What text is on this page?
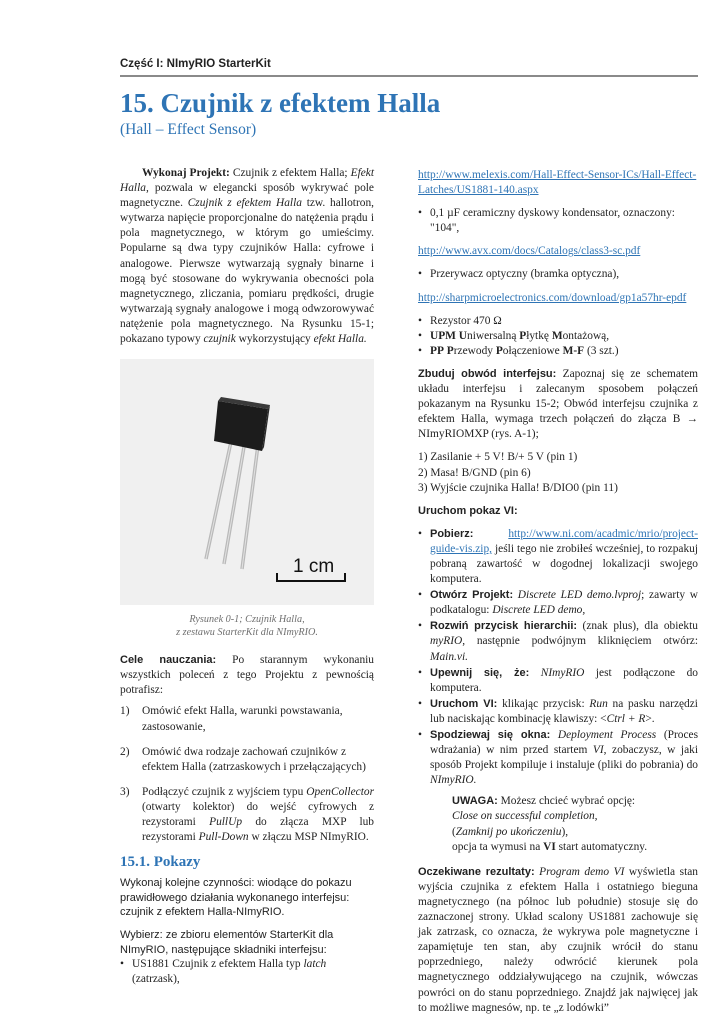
Część I: NImyRIO StarterKit
15. Czujnik z efektem Halla
(Hall – Effect Sensor)

Wykonaj Projekt: Czujnik z efektem Halla; Efekt Halla, pozwala w elegancki sposób wykrywać pole magnetyczne. Czujnik z efektem Halla tzw. hallotron, wytwarza napięcie proporcjonalne do natężenia prądu i pola magnetycznego, w którym go umieścimy. Popularne są dwa typy czujników Halla: cyfrowe i analogowe. Pierwsze wytwarzają sygnały binarne i mogą być stosowane do wykrywania obecności pola magnetycznego, zliczania, pomiaru prędkości, drugie wytwarzają sygnały analogowe i mogą odwzorowywać natężenie pola magnetycznego. Na Rysunku 15-1; pokazano typowy czujnik wykorzystujący efekt Halla.

1 cm
Rysunek 0-1; Czujnik Halla,
z zestawu StarterKit dla NImyRIO.

Cele nauczania: Po starannym wykonaniu wszystkich poleceń z tego Projektu z pewnością potrafisz:

1) Omówić efekt Halla, warunki powstawania, zastosowanie,
2) Omówić dwa rodzaje zachowań czujników z efektem Halla (zatrzaskowych i przełączających)
3) Podłączyć czujnik z wyjściem typu OpenCollector (otwarty kolektor) do wejść cyfrowych z rezystorami PullUp do złącza MXP lub rezystorami Pull-Down w złączu MSP NImyRIO.
15.1. Pokazy

Wykonaj kolejne czynności: wiodące do pokazu prawidłowego działania wykonanego interfejsu: czujnik z efektem Halla-NImyRIO.

Wybierz: ze zbioru elementów StarterKit dla NImyRIO, następujące składniki interfejsu:

• US1881 Czujnik z efektem Halla typ latch (zatrzask),
http://www.melexis.com/Hall-Effect-Sensor-ICs/Hall-Effect-Latches/US1881-140.aspx
• 0,1 µF ceramiczny dyskowy kondensator, oznaczony: "104",
http://www.avx.com/docs/Catalogs/class3-sc.pdf
• Przerywacz optyczny (bramka optyczna),
http://sharpmicroelectronics.com/download/gp1a57hr-epdf
• Rezystor 470 Ω
• UPM Uniwersalną Płytkę Montażową,
• PP Przewody Połączeniowe M-F (3 szt.)

Zbuduj obwód interfejsu: Zapoznaj się ze schematem układu interfejsu i zalecanym sposobem połączeń pokazanym na Rysunku 15-2; Obwód interfejsu czujnika z efektem Halla, wymaga trzech połączeń do złącza B → NImyRIOMXP (rys. A-1);

1) Zasilanie + 5 V! B/+ 5 V (pin 1)
2) Masa! B/GND (pin 6)
3) Wyjście czujnika Halla! B/DIO0 (pin 11)

Uruchom pokaz VI:

• Pobierz:	http://www.ni.com/acadmic/mrio/project-guide-vis.zip, jeśli tego nie zrobiłeś wcześniej, to rozpakuj pobraną zawartość w dogodnej lokalizacji swojego komputera.
• Otwórz Projekt: Discrete LED demo.lvproj; zawarty w podkatalogu: Discrete LED demo,
• Rozwiń przycisk hierarchii: (znak plus), dla obiektu myRIO, następnie podwójnym kliknięciem otwórz: Main.vi.
• Upewnij się, że: NImyRIO jest podłączone do komputera.
• Uruchom VI: klikając przycisk: Run na pasku narzędzi lub naciskając kombinację klawiszy: <Ctrl + R>.
• Spodziewaj się okna: Deployment Process (Proces wdrażania) w nim przed startem VI, zobaczysz, w jaki sposób Projekt kompiluje i instaluje (pliki do pobrania) do NImyRIO.
UWAGA: Możesz chcieć wybrać opcję:
Close on successful completion,
(Zamknij po ukończeniu),
opcja ta wymusi na VI start automatyczny.

Oczekiwane rezultaty: Program demo VI wyświetla stan wyjścia czujnika z efektem Halla i ostatniego bieguna magnetycznego (na północ lub południe) stosuje się do zaznaczonej strony. Układ scalony US1881 zachowuje się jak zatrzask, co oznacza, że wykrywa pole magnetyczne i zapamiętuje ten stan, aby czujnik wrócił do stanu poprzedniego, należy odwrócić kierunek pola magnetycznego oddziaływującego na czujnik, wówczas powróci on do stanu poprzedniego. Znajdź jak najwięcej jak to możliwe magnesów, np. te „z lodówki”
